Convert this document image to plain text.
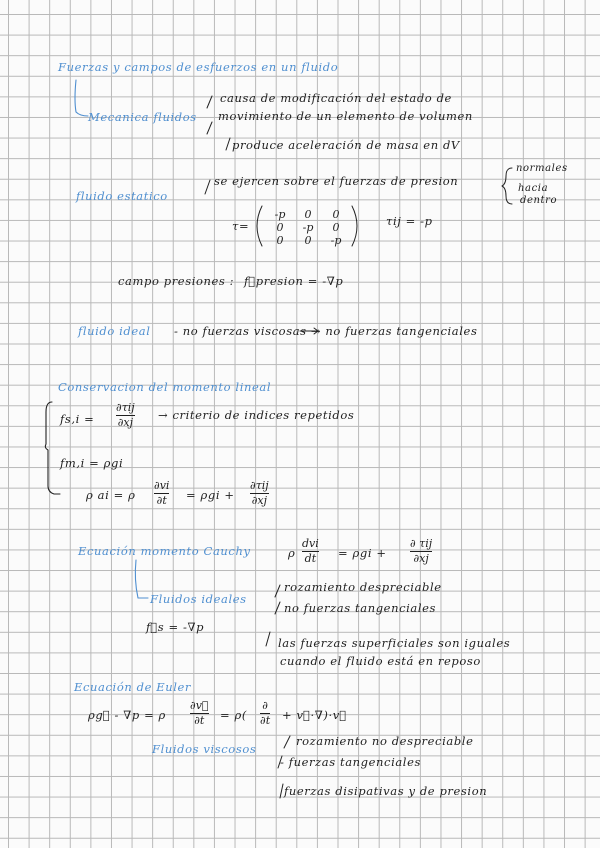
Fuerzas y campos de esfuerzos en un fluido
Mecanica fluidos
causa de modificación del estado de
movimiento de un elemento de volumen
produce aceleración de masa en dV
fluido estatico
se ejercen sobre el fuerzas de presion
normales
hacia
dentro
τ=
-p	0	0
0	-p	0
0	0	-p
τij = -p
campo presiones : f⃗presion = -∇p
fluido ideal - no fuerzas viscosas → no fuerzas tangenciales
Conservacion del momento lineal
fs,i =
∂τij
∂xj
→ criterio de indices repetidos
fm,i = ρgi
ρ ai = ρ
∂vi
∂t = ρgi +
∂τij
∂xj
Ecuación momento Cauchy	ρ
dvi
dt = ρgi +
∂ τij
∂xj
Fluidos ideales
rozamiento despreciable
no fuerzas tangenciales
f⃗s = -∇p
las fuerzas superficiales son iguales
cuando el fluido está en reposo
Ecuación de Euler
ρg⃗ - ∇p = ρ
∂v⃗
∂t = ρ(
∂
∂t + v⃗·∇)·v⃗
Fluidos viscosos
rozamiento no despreciable
- fuerzas tangenciales
fuerzas disipativas y de presion
